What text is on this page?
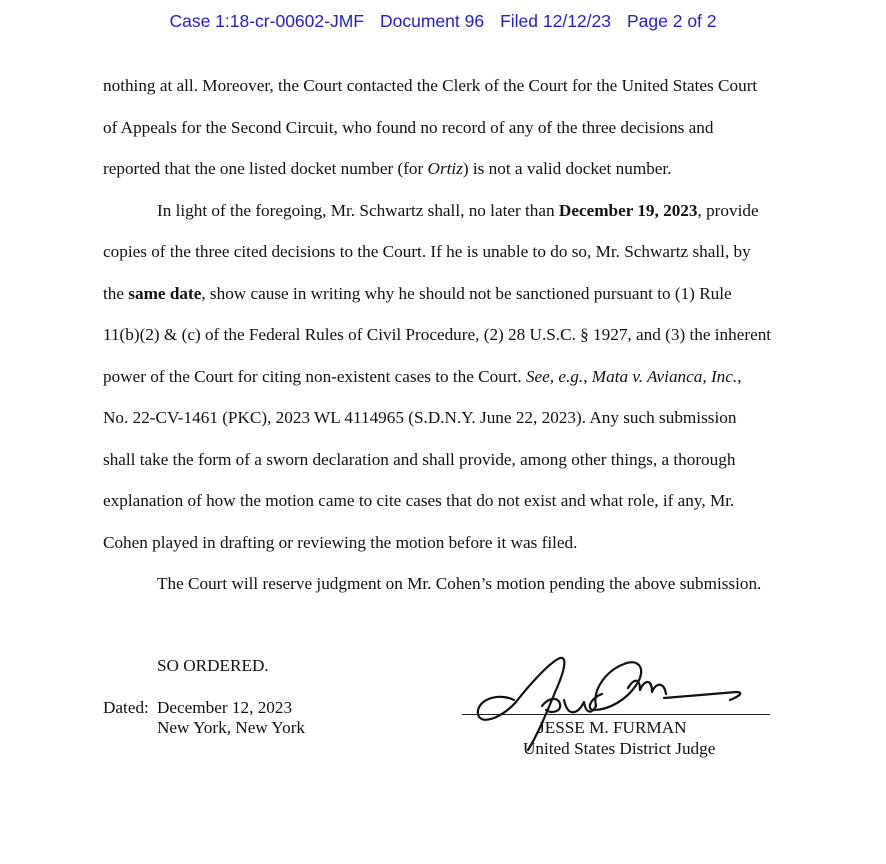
Case 1:18-cr-00602-JMF Document 96 Filed 12/12/23 Page 2 of 2
nothing at all. Moreover, the Court contacted the Clerk of the Court for the United States Court
of Appeals for the Second Circuit, who found no record of any of the three decisions and
reported that the one listed docket number (for Ortiz) is not a valid docket number.
In light of the foregoing, Mr. Schwartz shall, no later than December 19, 2023, provide
copies of the three cited decisions to the Court. If he is unable to do so, Mr. Schwartz shall, by
the same date, show cause in writing why he should not be sanctioned pursuant to (1) Rule
11(b)(2) & (c) of the Federal Rules of Civil Procedure, (2) 28 U.S.C. § 1927, and (3) the inherent
power of the Court for citing non-existent cases to the Court. See, e.g., Mata v. Avianca, Inc.,
No. 22-CV-1461 (PKC), 2023 WL 4114965 (S.D.N.Y. June 22, 2023). Any such submission
shall take the form of a sworn declaration and shall provide, among other things, a thorough
explanation of how the motion came to cite cases that do not exist and what role, if any, Mr.
Cohen played in drafting or reviewing the motion before it was filed.
The Court will reserve judgment on Mr. Cohen’s motion pending the above submission.
SO ORDERED.
Dated: December 12, 2023
New York, New York	JESSE M. FURMAN
United States District Judge
